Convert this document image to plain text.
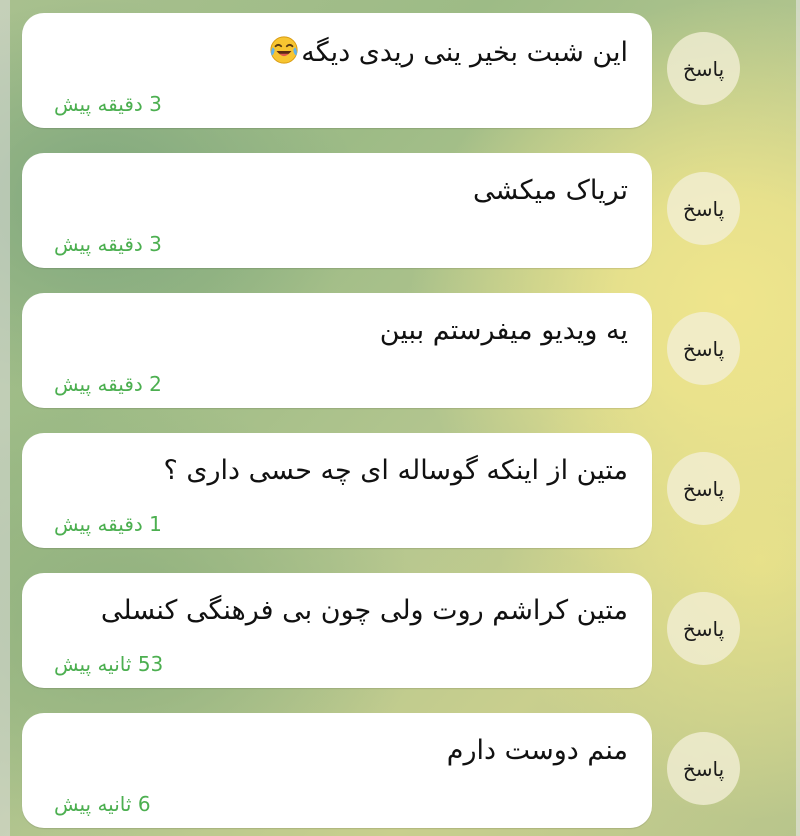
این شبت بخیر ینی ریدی دیگه
3 دقیقه پیش
پاسخ
تریاک میکشی
3 دقیقه پیش
پاسخ
یه ویدیو میفرستم ببین
2 دقیقه پیش
پاسخ
متین از اینکه گوساله ای چه حسی داری ؟
1 دقیقه پیش
پاسخ
متین کراشم روت ولی چون بی فرهنگی کنسلی
53 ثانیه پیش
پاسخ
منم دوست دارم
6 ثانیه پیش
پاسخ
